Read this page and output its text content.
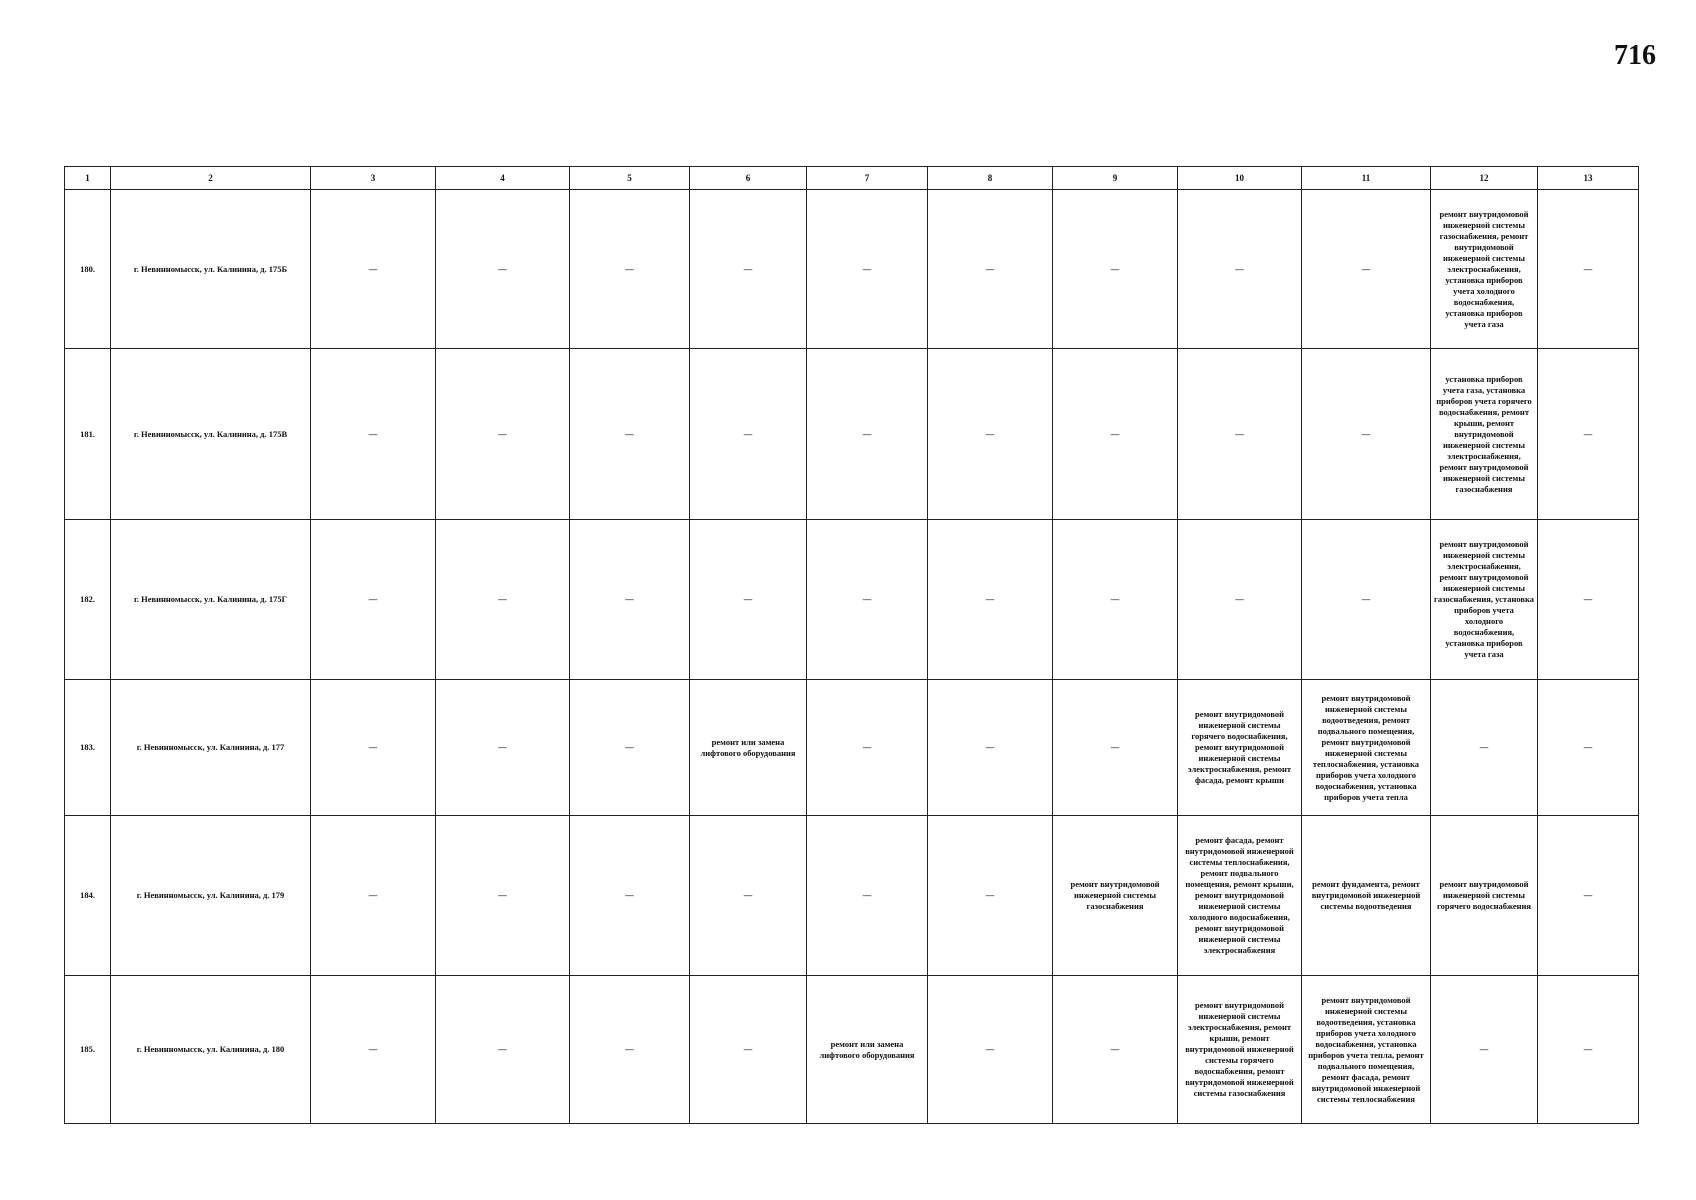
716
1	2	3	4	5	6	7	8	9	10	11	12	13
180.	г. Невинномысск, ул. Калинина, д. 175Б	—	—	—	—	—	—	—	—	—	ремонт внутридомовой инженерной системы газоснабжения, ремонт внутридомовой инженерной системы электроснабжения, установка приборов учета холодного водоснабжения, установка приборов учета газа	—
181.	г. Невинномысск, ул. Калинина, д. 175В	—	—	—	—	—	—	—	—	—	установка приборов учета газа, установка приборов учета горячего водоснабжения, ремонт крыши, ремонт внутридомовой инженерной системы электроснабжения, ремонт внутридомовой инженерной системы газоснабжения	—
182.	г. Невинномысск, ул. Калинина, д. 175Г	—	—	—	—	—	—	—	—	—	ремонт внутридомовой инженерной системы электроснабжения, ремонт внутридомовой инженерной системы газоснабжения, установка приборов учета холодного водоснабжения, установка приборов учета газа	—
183.	г. Невинномысск, ул. Калинина, д. 177	—	—	—	ремонт или замена лифтового оборудования	—	—	—	ремонт внутридомовой инженерной системы горячего водоснабжения, ремонт внутридомовой инженерной системы электроснабжения, ремонт фасада, ремонт крыши	ремонт внутридомовой инженерной системы водоотведения, ремонт подвального помещения, ремонт внутридомовой инженерной системы теплоснабжения, установка приборов учета холодного водоснабжения, установка приборов учета тепла	—	—
184.	г. Невинномысск, ул. Калинина, д. 179	—	—	—	—	—	—	ремонт внутридомовой инженерной системы газоснабжения	ремонт фасада, ремонт внутридомовой инженерной системы теплоснабжения, ремонт подвального помещения, ремонт крыши, ремонт внутридомовой инженерной системы холодного водоснабжения, ремонт внутридомовой инженерной системы электроснабжения	ремонт фундамента, ремонт внутридомовой инженерной системы водоотведения	ремонт внутридомовой инженерной системы горячего водоснабжения	—
185.	г. Невинномысск, ул. Калинина, д. 180	—	—	—	—	ремонт или замена лифтового оборудования	—	—	ремонт внутридомовой инженерной системы электроснабжения, ремонт крыши, ремонт внутридомовой инженерной системы горячего водоснабжения, ремонт внутридомовой инженерной системы газоснабжения	ремонт внутридомовой инженерной системы водоотведения, установка приборов учета холодного водоснабжения, установка приборов учета тепла, ремонт подвального помещения, ремонт фасада, ремонт внутридомовой инженерной системы теплоснабжения	—	—
